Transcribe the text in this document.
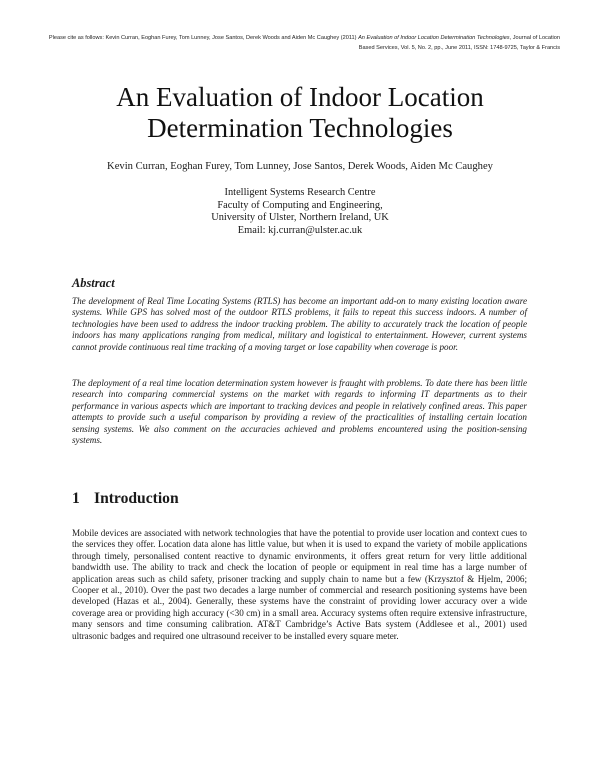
Please cite as follows: Kevin Curran, Eoghan Furey, Tom Lunney, Jose Santos, Derek Woods and Aiden Mc Caughey (2011) An Evaluation of Indoor Location Determination Technologies, Journal of Location Based Services, Vol. 5, No. 2, pp., June 2011, ISSN: 1748-9725, Taylor & Francis
An Evaluation of Indoor Location Determination Technologies
Kevin Curran, Eoghan Furey, Tom Lunney, Jose Santos, Derek Woods, Aiden Mc Caughey
Intelligent Systems Research Centre
Faculty of Computing and Engineering,
University of Ulster, Northern Ireland, UK
Email: kj.curran@ulster.ac.uk
Abstract

The development of Real Time Locating Systems (RTLS) has become an important add-on to many existing location aware systems. While GPS has solved most of the outdoor RTLS problems, it fails to repeat this success indoors. A number of technologies have been used to address the indoor tracking problem. The ability to accurately track the location of people indoors has many applications ranging from medical, military and logistical to entertainment. However, current systems cannot provide continuous real time tracking of a moving target or lose capability when coverage is poor.

The deployment of a real time location determination system however is fraught with problems. To date there has been little research into comparing commercial systems on the market with regards to informing IT departments as to their performance in various aspects which are important to tracking devices and people in relatively confined areas. This paper attempts to provide such a useful comparison by providing a review of the practicalities of installing certain location sensing systems. We also comment on the accuracies achieved and problems encountered using the position-sensing systems.

1 Introduction

Mobile devices are associated with network technologies that have the potential to provide user location and context cues to the services they offer. Location data alone has little value, but when it is used to expand the variety of mobile applications through timely, personalised content reactive to dynamic environments, it offers great return for very little additional bandwidth use. The ability to track and check the location of people or equipment in real time has a large number of application areas such as child safety, prisoner tracking and supply chain to name but a few (Krzysztof & Hjelm, 2006; Cooper et al., 2010). Over the past two decades a large number of commercial and research positioning systems have been developed (Hazas et al., 2004). Generally, these systems have the constraint of providing lower accuracy over a wide coverage area or providing high accuracy (<30 cm) in a small area. Accuracy systems often require extensive infrastructure, many sensors and time consuming calibration. AT&T Cambridge’s Active Bats system (Addlesee et al., 2001) used ultrasonic badges and required one ultrasound receiver to be installed every square meter.
